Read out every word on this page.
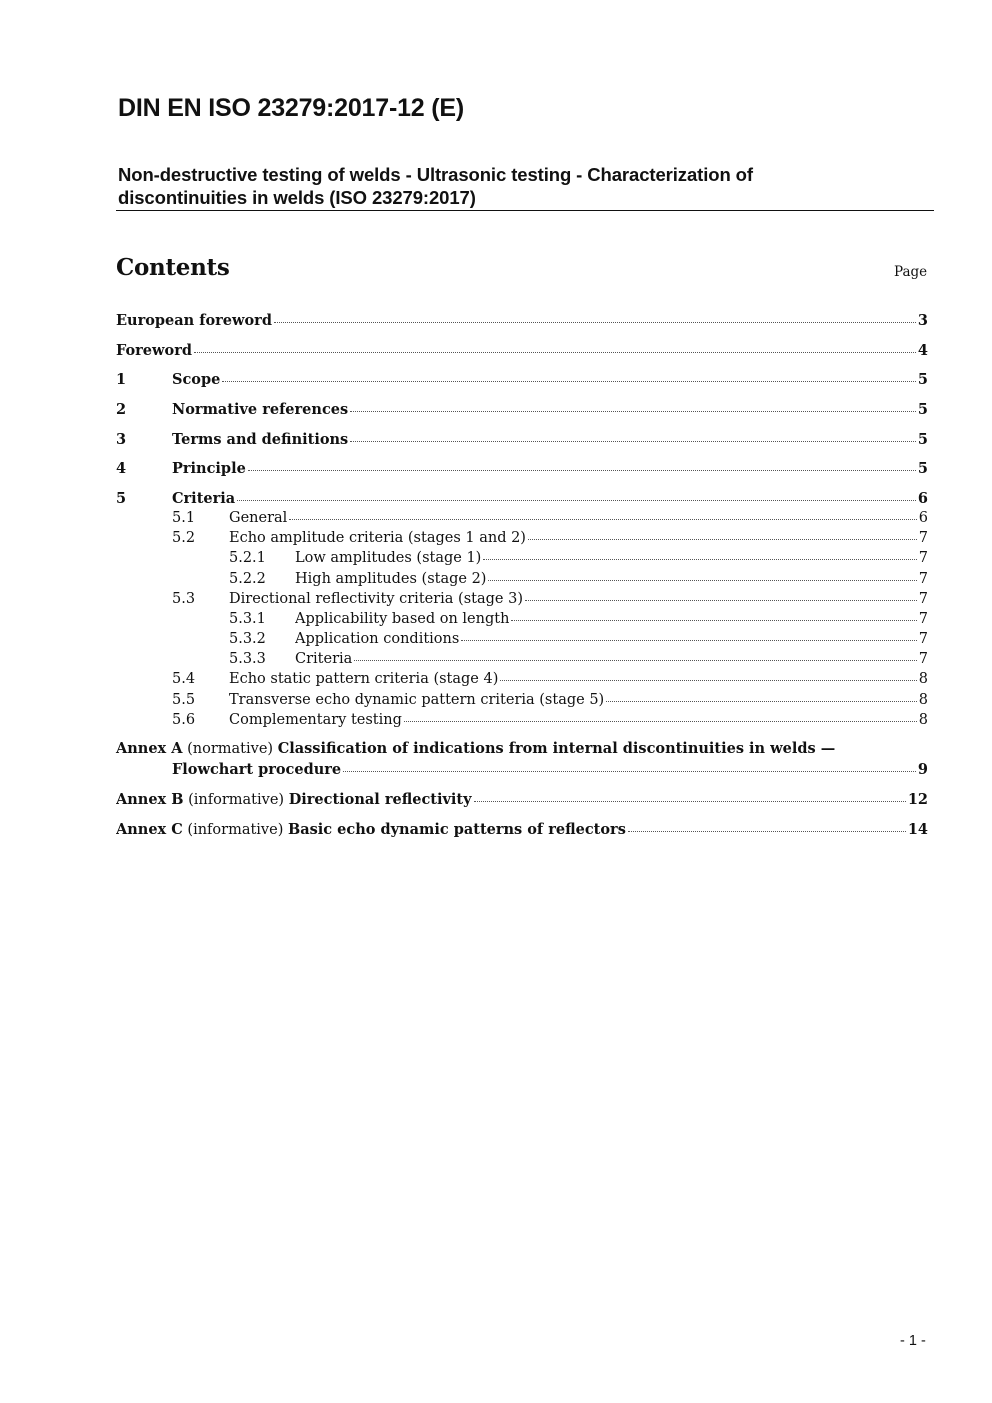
DIN EN ISO 23279:2017-12 (E)
Non-destructive testing of welds - Ultrasonic testing - Characterization of discontinuities in welds (ISO 23279:2017)
Contents	Page
European foreword	3
Foreword	4
1	Scope	5
2	Normative references	5
3	Terms and definitions	5
4	Principle	5
5	Criteria	6
5.1	General	6
5.2	Echo amplitude criteria (stages 1 and 2)	7
5.2.1	Low amplitudes (stage 1)	7
5.2.2	High amplitudes (stage 2)	7
5.3	Directional reflectivity criteria (stage 3)	7
5.3.1	Applicability based on length	7
5.3.2	Application conditions	7
5.3.3	Criteria	7
5.4	Echo static pattern criteria (stage 4)	8
5.5	Transverse echo dynamic pattern criteria (stage 5)	8
5.6	Complementary testing	8
Annex A (normative) Classification of indications from internal discontinuities in welds —
Flowchart procedure	9
Annex B (informative) Directional reflectivity	12
Annex C (informative) Basic echo dynamic patterns of reflectors	14
- 1 -
